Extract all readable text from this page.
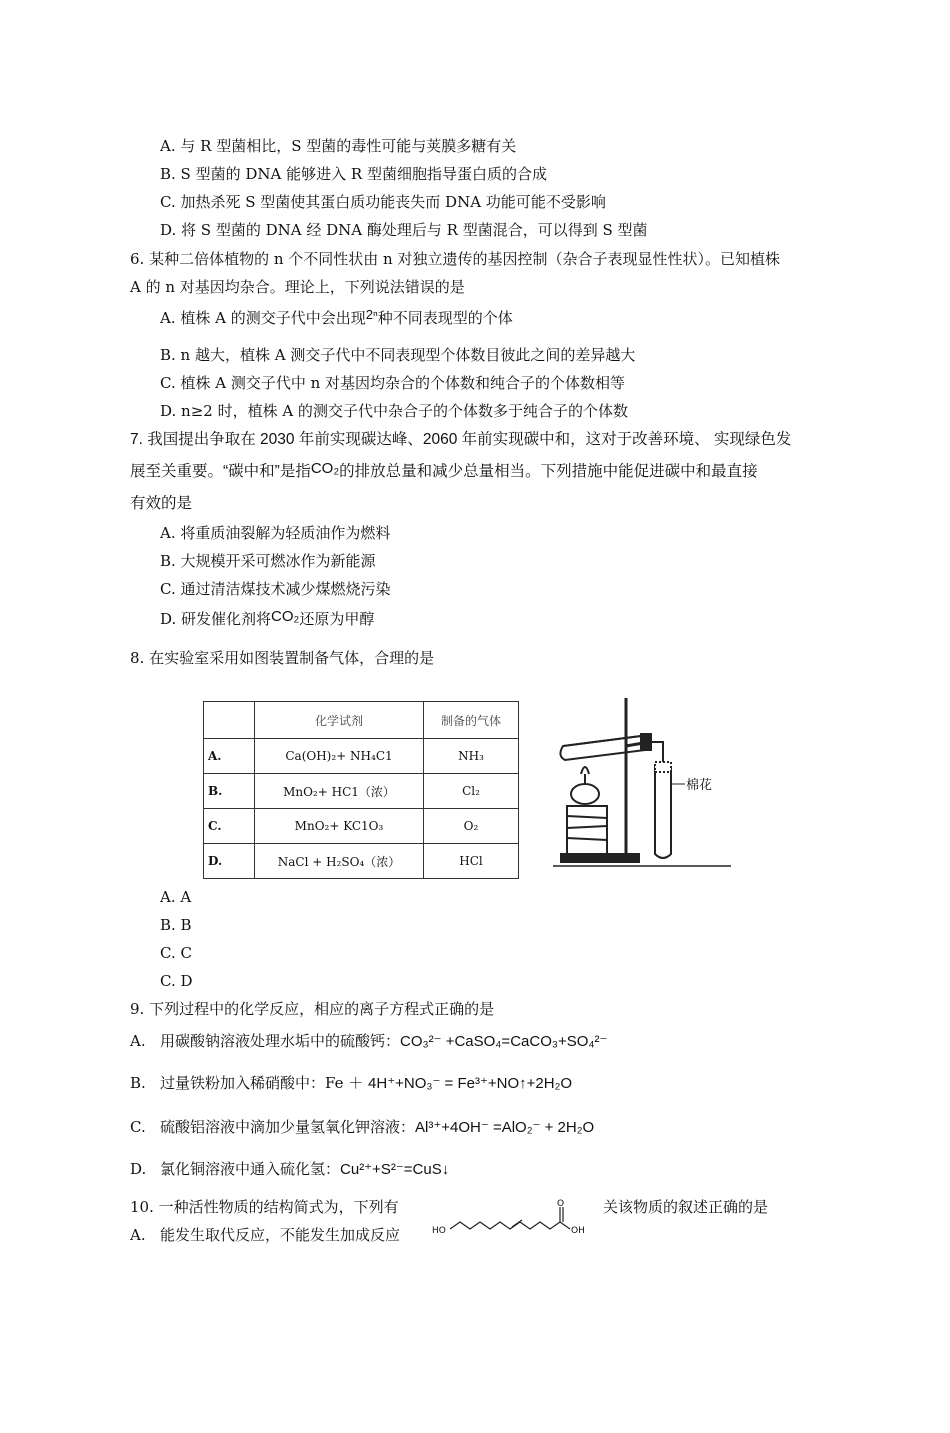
A. 与 R 型菌相比，S 型菌的毒性可能与荚膜多糖有关
B. S 型菌的 DNA 能够进入 R 型菌细胞指导蛋白质的合成
C. 加热杀死 S 型菌使其蛋白质功能丧失而 DNA 功能可能不受影响
D. 将 S 型菌的 DNA 经 DNA 酶处理后与 R 型菌混合，可以得到 S 型菌
6. 某种二倍体植物的 n 个不同性状由 n 对独立遗传的基因控制（杂合子表现显性性状）。已知植株
A 的 n 对基因均杂合。理论上，下列说法错误的是
A. 植株 A 的测交子代中会出现2ⁿ种不同表现型的个体
B. n 越大，植株 A 测交子代中不同表现型个体数目彼此之间的差异越大
C. 植株 A 测交子代中 n 对基因均杂合的个体数和纯合子的个体数相等
D. n≥2 时，植株 A 的测交子代中杂合子的个体数多于纯合子的个体数
7. 我国提出争取在 2030 年前实现碳达峰、2060 年前实现碳中和，这对于改善环境、 实现绿色发
展至关重要。“碳中和”是指CO₂的排放总量和减少总量相当。下列措施中能促进碳中和最直接
有效的是
A. 将重质油裂解为轻质油作为燃料
B. 大规模开采可燃冰作为新能源
C. 通过清洁煤技术减少煤燃烧污染
D. 研发催化剂将CO₂还原为甲醇
8. 在实验室采用如图装置制备气体，合理的是
	化学试剂	制备的气体
A.	Ca(OH)₂+ NH₄C1	NH₃
B.	MnO₂+ HC1（浓）	Cl₂
C.	MnO₂+ KC1O₃	O₂
D.	NaCl + H₂SO₄（浓）	HCl
棉花
A. A
B. B
C. C
C. D
9. 下列过程中的化学反应，相应的离子方程式正确的是
A. 用碳酸钠溶液处理水垢中的硫酸钙：CO₃²⁻ +CaSO₄=CaCO₃+SO₄²⁻
B. 过量铁粉加入稀硝酸中：Fe ＋ 4H⁺+NO₃⁻ = Fe³⁺+NO↑+2H₂O
C. 硫酸铝溶液中滴加少量氢氧化钾溶液：Al³⁺+4OH⁻ =AlO₂⁻ + 2H₂O
D. 氯化铜溶液中通入硫化氢：Cu²⁺+S²⁻=CuS↓
10. 一种活性物质的结构简式为，下列有	关该物质的叙述正确的是
HO
O
OH
A. 能发生取代反应，不能发生加成反应
